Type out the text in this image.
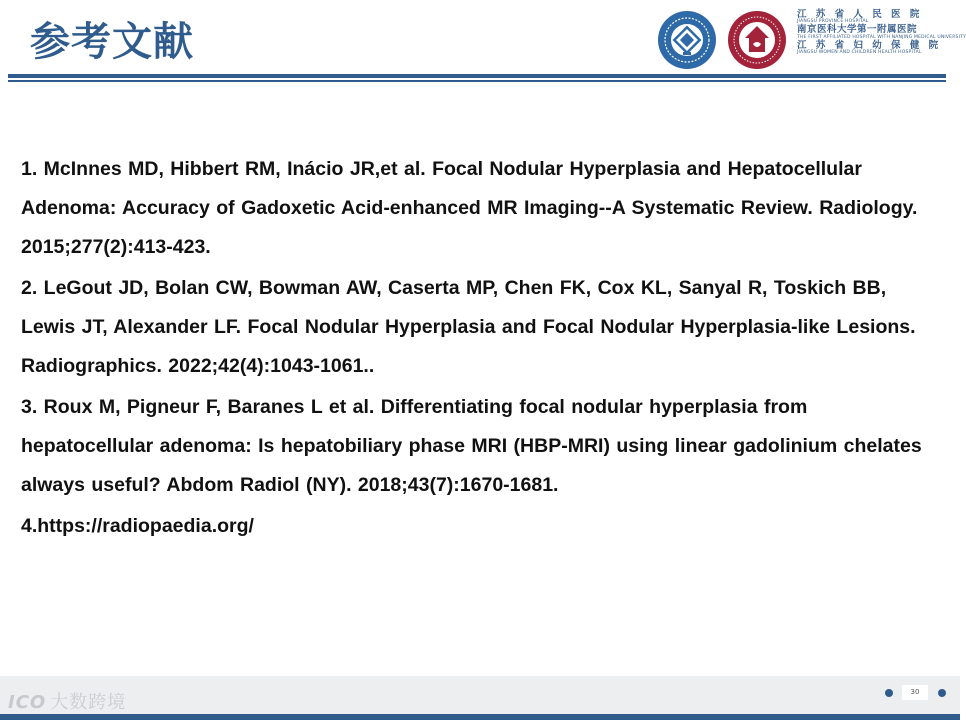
参考文献
江 苏 省 人 民 医 院
JIANGSU PROVINCE HOSPITAL
南京医科大学第一附属医院
THE FIRST AFFILIATED HOSPITAL WITH NANJING MEDICAL UNIVERSITY
江 苏 省 妇 幼 保 健 院
JIANGSU WOMEN AND CHILDREN HEALTH HOSPITAL
1. McInnes MD, Hibbert RM, Inácio JR,et al. Focal Nodular Hyperplasia and Hepatocellular Adenoma: Accuracy of Gadoxetic Acid-enhanced MR Imaging--A Systematic Review. Radiology. 2015;277(2):413-423.
2. LeGout JD, Bolan CW, Bowman AW, Caserta MP, Chen FK, Cox KL, Sanyal R, Toskich BB, Lewis JT, Alexander LF. Focal Nodular Hyperplasia and Focal Nodular Hyperplasia-like Lesions. Radiographics. 2022;42(4):1043-1061..
3. Roux M, Pigneur F, Baranes L et al. Differentiating focal nodular hyperplasia from hepatocellular adenoma: Is hepatobiliary phase MRI (HBP-MRI) using linear gadolinium chelates always useful? Abdom Radiol (NY). 2018;43(7):1670-1681.
4.https://radiopaedia.org/
ICO 大数跨境	30
